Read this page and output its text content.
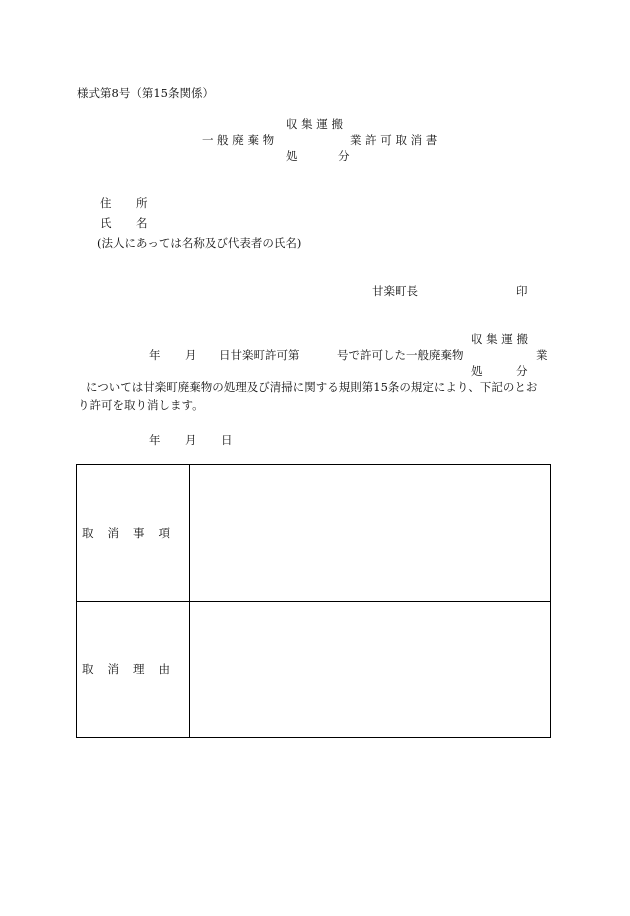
様式第8号（第15条関係）
収 集 運 搬
一 般 廃 棄 物	業 許 可 取 消 書
処	分
住 所
氏 名
(法人にあっては名称及び代表者の氏名)
甘楽町長	印
収 集 運 搬
年 月 日甘楽町許可第	号で許可した一般廃棄物	業
処	分
については甘楽町廃棄物の処理及び清掃に関する規則第15条の規定により、下記のとお
り許可を取り消します。
年 月 日
取消事項	
取消理由	
